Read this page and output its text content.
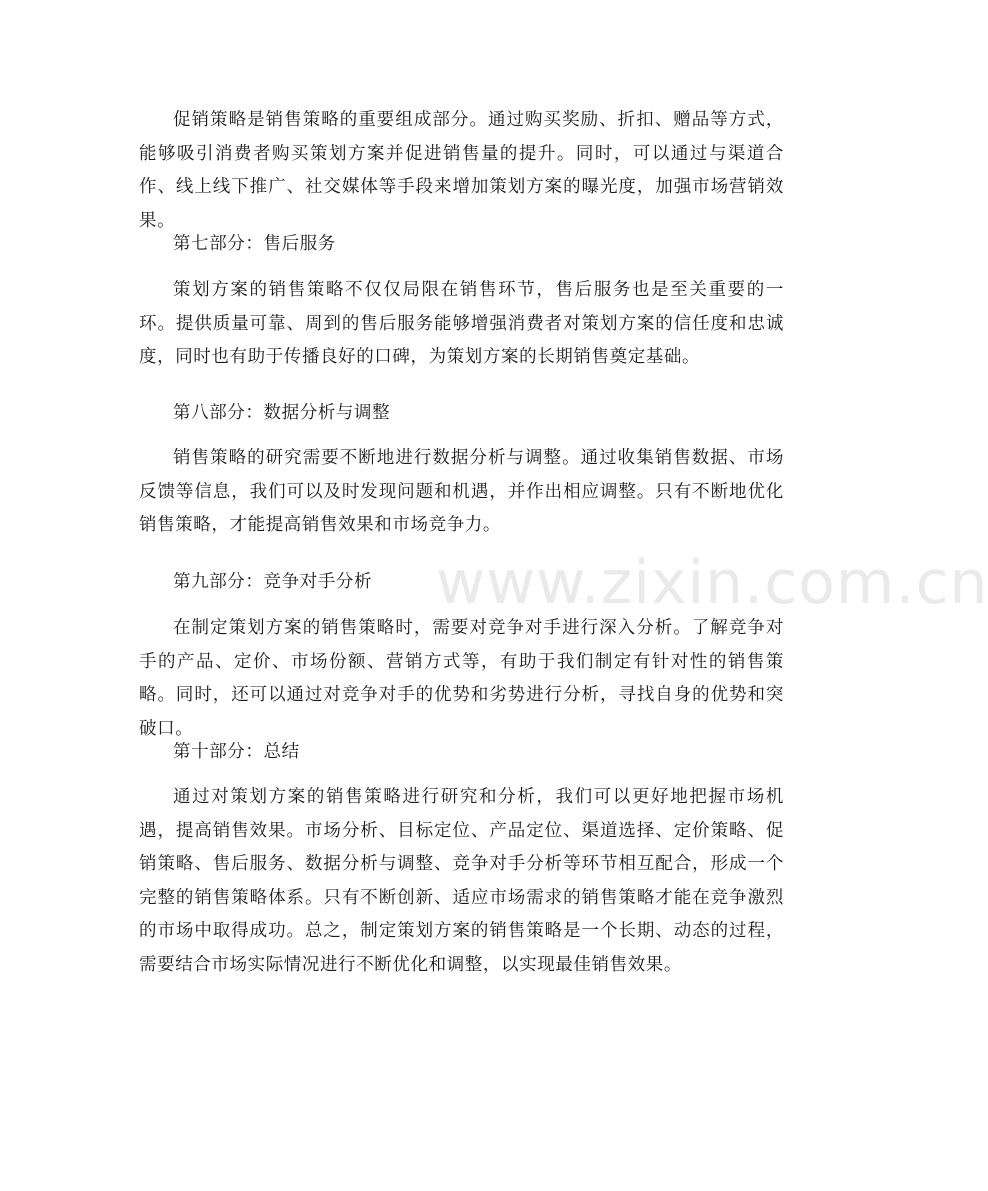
www.zixin.com.cn
促销策略是销售策略的重要组成部分。通过购买奖励、折扣、赠品等方式，能够吸引消费者购买策划方案并促进销售量的提升。同时，可以通过与渠道合作、线上线下推广、社交媒体等手段来增加策划方案的曝光度，加强市场营销效果。
第七部分：售后服务
策划方案的销售策略不仅仅局限在销售环节，售后服务也是至关重要的一环。提供质量可靠、周到的售后服务能够增强消费者对策划方案的信任度和忠诚度，同时也有助于传播良好的口碑，为策划方案的长期销售奠定基础。
第八部分：数据分析与调整
销售策略的研究需要不断地进行数据分析与调整。通过收集销售数据、市场反馈等信息，我们可以及时发现问题和机遇，并作出相应调整。只有不断地优化销售策略，才能提高销售效果和市场竞争力。
第九部分：竞争对手分析
在制定策划方案的销售策略时，需要对竞争对手进行深入分析。了解竞争对手的产品、定价、市场份额、营销方式等，有助于我们制定有针对性的销售策略。同时，还可以通过对竞争对手的优势和劣势进行分析，寻找自身的优势和突破口。
第十部分：总结
通过对策划方案的销售策略进行研究和分析，我们可以更好地把握市场机遇，提高销售效果。市场分析、目标定位、产品定位、渠道选择、定价策略、促销策略、售后服务、数据分析与调整、竞争对手分析等环节相互配合，形成一个完整的销售策略体系。只有不断创新、适应市场需求的销售策略才能在竞争激烈的市场中取得成功。总之，制定策划方案的销售策略是一个长期、动态的过程，需要结合市场实际情况进行不断优化和调整，以实现最佳销售效果。
